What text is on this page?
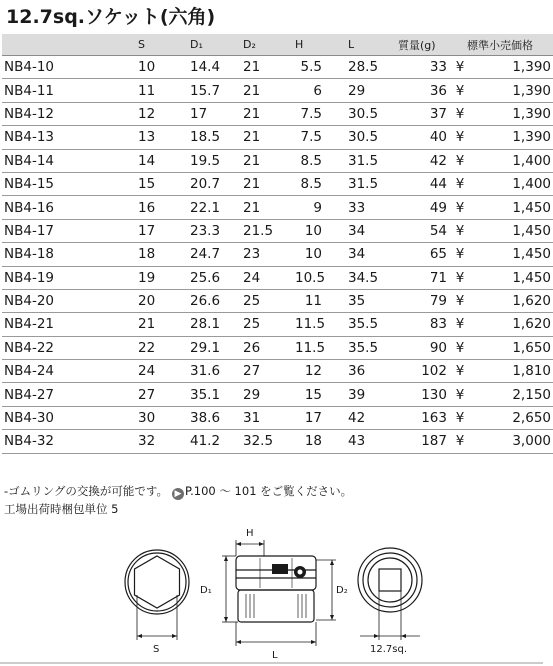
12.7sq.ソケット(六角)
	S	D₁	D₂	H	L	質量(g)		標準小売価格
NB4-10	10	14.4	21	5.5	28.5	33	¥	1,390
NB4-11	11	15.7	21	6	29	36	¥	1,390
NB4-12	12	17	21	7.5	30.5	37	¥	1,390
NB4-13	13	18.5	21	7.5	30.5	40	¥	1,390
NB4-14	14	19.5	21	8.5	31.5	42	¥	1,400
NB4-15	15	20.7	21	8.5	31.5	44	¥	1,400
NB4-16	16	22.1	21	9	33	49	¥	1,450
NB4-17	17	23.3	21.5	10	34	54	¥	1,450
NB4-18	18	24.7	23	10	34	65	¥	1,450
NB4-19	19	25.6	24	10.5	34.5	71	¥	1,450
NB4-20	20	26.6	25	11	35	79	¥	1,620
NB4-21	21	28.1	25	11.5	35.5	83	¥	1,620
NB4-22	22	29.1	26	11.5	35.5	90	¥	1,650
NB4-24	24	31.6	27	12	36	102	¥	1,810
NB4-27	27	35.1	29	15	39	130	¥	2,150
NB4-30	30	38.6	31	17	42	163	¥	2,650
NB4-32	32	41.2	32.5	18	43	187	¥	3,000
-ゴムリングの交換が可能です。 ▶ P.100 ～ 101 をご覧ください。
工場出荷時梱包単位 5
S
H
D₁	D₂
L
12.7sq.
